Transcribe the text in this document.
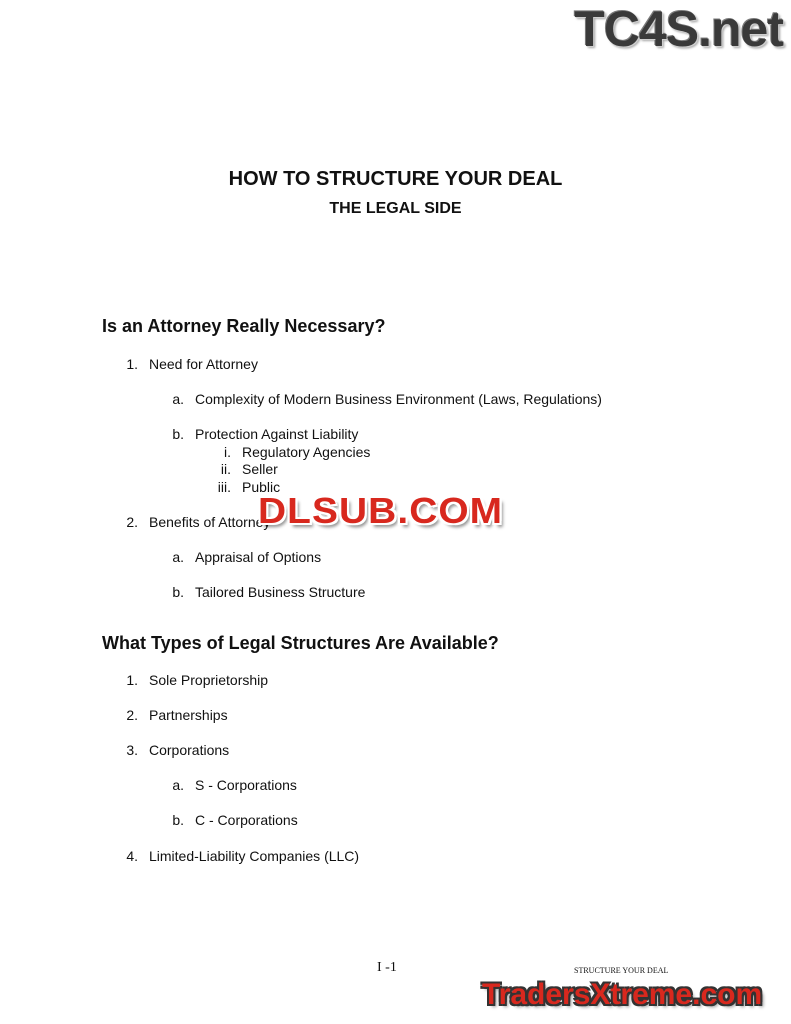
TC4S.net
HOW TO STRUCTURE YOUR DEAL
THE LEGAL SIDE
Is an Attorney Really Necessary?
1. Need for Attorney
a. Complexity of Modern Business Environment (Laws, Regulations)
b. Protection Against Liability
i. Regulatory Agencies
ii. Seller
iii. Public
2. Benefits of Attorney
a. Appraisal of Options
b. Tailored Business Structure
DLSUB.COM
What Types of Legal Structures Are Available?
1. Sole Proprietorship
2. Partnerships
3. Corporations
a. S - Corporations
b. C - Corporations
4. Limited-Liability Companies (LLC)
I -1	STRUCTURE YOUR DEAL
TradersXtreme.com
